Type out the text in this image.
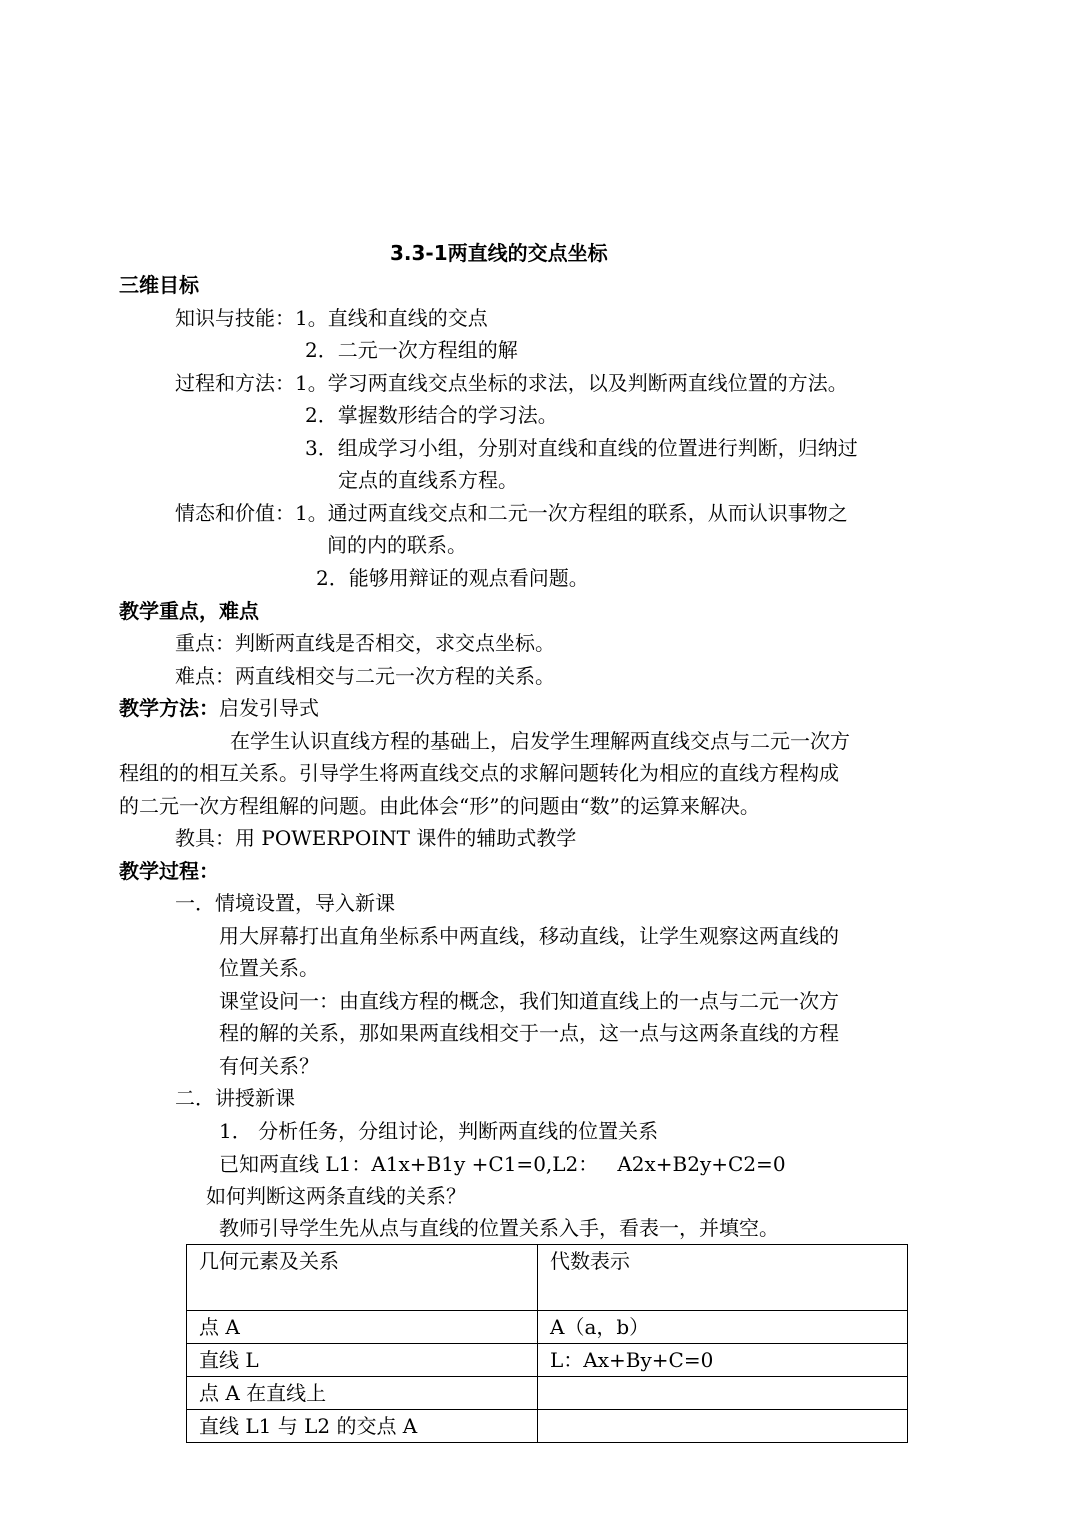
3.3-1两直线的交点坐标
三维目标
知识与技能：1。直线和直线的交点
2．二元一次方程组的解
过程和方法：1。学习两直线交点坐标的求法，以及判断两直线位置的方法。
2．掌握数形结合的学习法。
3．组成学习小组，分别对直线和直线的位置进行判断，归纳过
定点的直线系方程。
情态和价值：1。通过两直线交点和二元一次方程组的联系，从而认识事物之
间的内的联系。
2．能够用辩证的观点看问题。
教学重点，难点
重点：判断两直线是否相交，求交点坐标。
难点：两直线相交与二元一次方程的关系。
教学方法：启发引导式
在学生认识直线方程的基础上，启发学生理解两直线交点与二元一次方
程组的的相互关系。引导学生将两直线交点的求解问题转化为相应的直线方程构成
的二元一次方程组解的问题。由此体会“形”的问题由“数”的运算来解决。
教具：用 POWERPOINT 课件的辅助式教学
教学过程：
一．情境设置，导入新课
用大屏幕打出直角坐标系中两直线，移动直线，让学生观察这两直线的
位置关系。
课堂设问一：由直线方程的概念，我们知道直线上的一点与二元一次方
程的解的关系，那如果两直线相交于一点，这一点与这两条直线的方程
有何关系？
二．讲授新课
1． 分析任务，分组讨论，判断两直线的位置关系
已知两直线 L1：A1x+B1y +C1=0,L2：   A2x+B2y+C2=0
如何判断这两条直线的关系？
教师引导学生先从点与直线的位置关系入手，看表一，并填空。
几何元素及关系	代数表示
点 A	A（a，b）
直线 L	L：Ax+By+C=0
点 A 在直线上	
直线 L1 与 L2 的交点 A	
